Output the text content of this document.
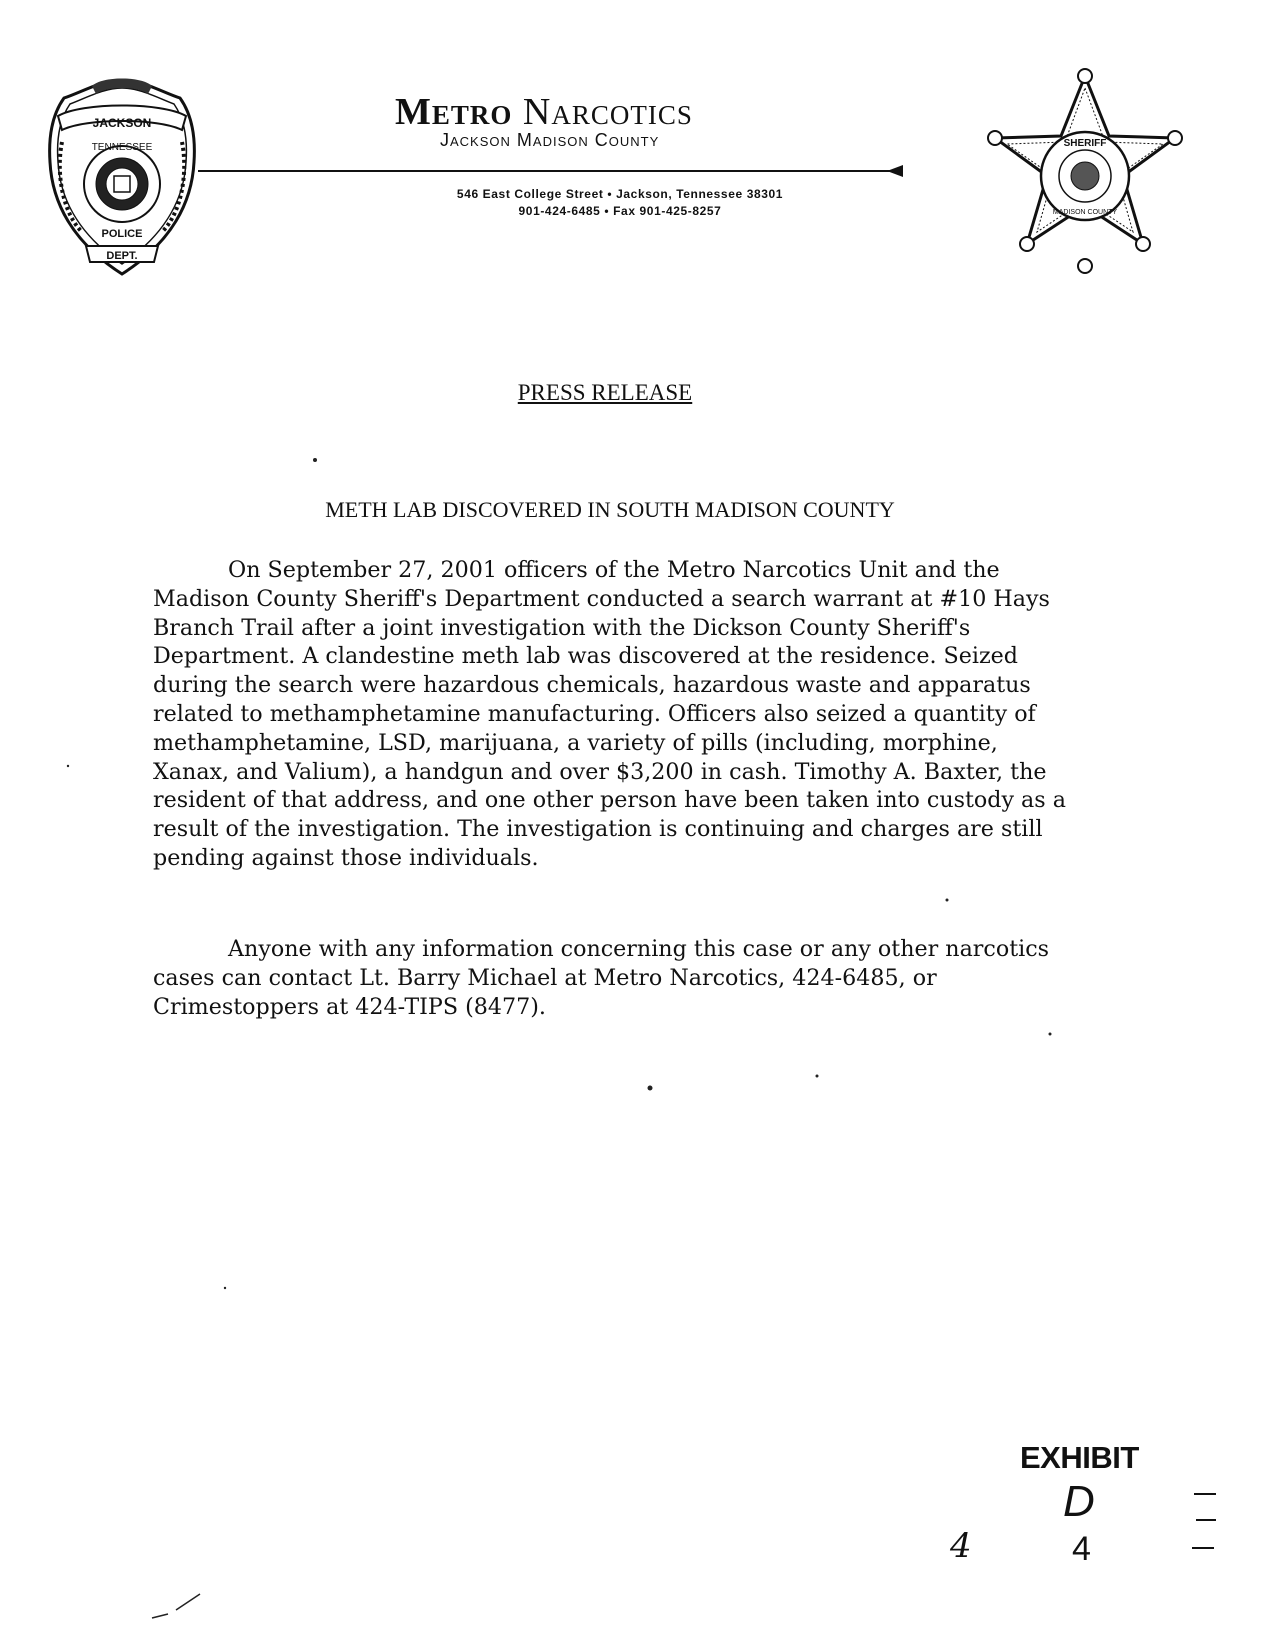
JACKSON
TENNESSEE
POLICE
DEPT.
Metro Narcotics
Jackson Madison County
546 East College Street • Jackson, Tennessee 38301
901-424-6485 • Fax 901-425-8257
SHERIFF
MADISON COUNTY
PRESS RELEASE
METH LAB DISCOVERED IN SOUTH MADISON COUNTY

On September 27, 2001 officers of the Metro Narcotics Unit and the Madison County Sheriff's Department conducted a search warrant at #10 Hays Branch Trail after a joint investigation with the Dickson County Sheriff's Department. A clandestine meth lab was discovered at the residence. Seized during the search were hazardous chemicals, hazardous waste and apparatus related to methamphetamine manufacturing. Officers also seized a quantity of methamphetamine, LSD, marijuana, a variety of pills (including, morphine, Xanax, and Valium), a handgun and over $3,200 in cash. Timothy A. Baxter, the resident of that address, and one other person have been taken into custody as a result of the investigation. The investigation is continuing and charges are still pending against those individuals.

Anyone with any information concerning this case or any other narcotics cases can contact Lt. Barry Michael at Metro Narcotics, 424-6485, or Crimestoppers at 424-TIPS (8477).

EXHIBIT
D
4
4
